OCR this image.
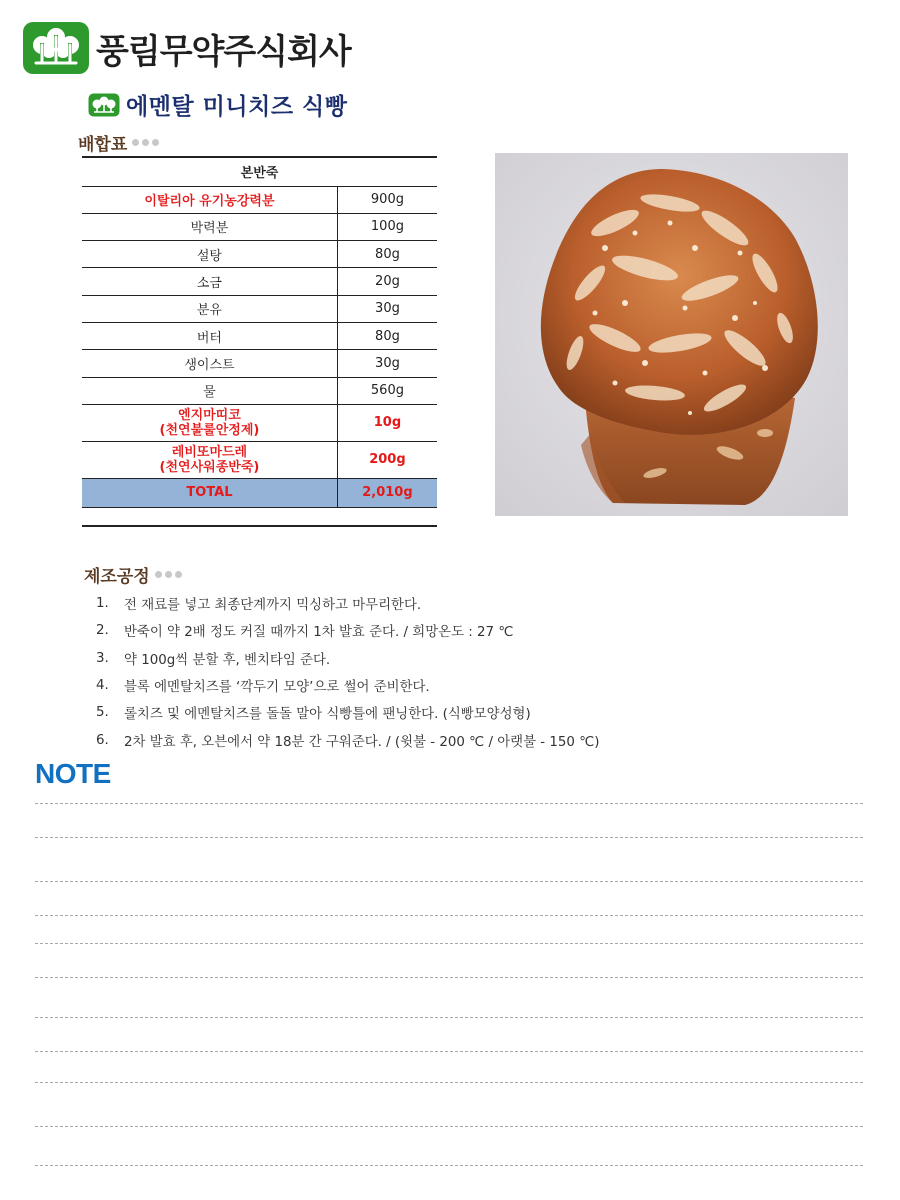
풍림무약주식회사
에멘탈 미니치즈 식빵
배합표
본반죽	
이탈리아 유기농강력분	900g
박력분	100g
설탕	80g
소금	20g
분유	30g
버터	80g
생이스트	30g
물	560g

엔지마띠코
(천연불룰안정제)	10g

레비또마드레
(천연사워종반죽)	200g
TOTAL	2,010g

제조공정
1.	전 재료를 넣고 최종단계까지 믹싱하고 마무리한다.
2.	반죽이 약 2배 정도 커질 때까지 1차 발효 준다. / 희망온도 : 27 ℃
3.	약 100g씩 분할 후, 벤치타임 준다.
4.	블록 에멘탈치즈를 ‘깍두기 모양’으로 썰어 준비한다.
5.	롤치즈 및 에멘탈치즈를 돌돌 말아 식빵틀에 팬닝한다. (식빵모양성형)
6.	2차 발효 후, 오븐에서 약 18분 간 구워준다. / (윗불 - 200 ℃ / 아랫불 - 150 ℃)
NOTE
